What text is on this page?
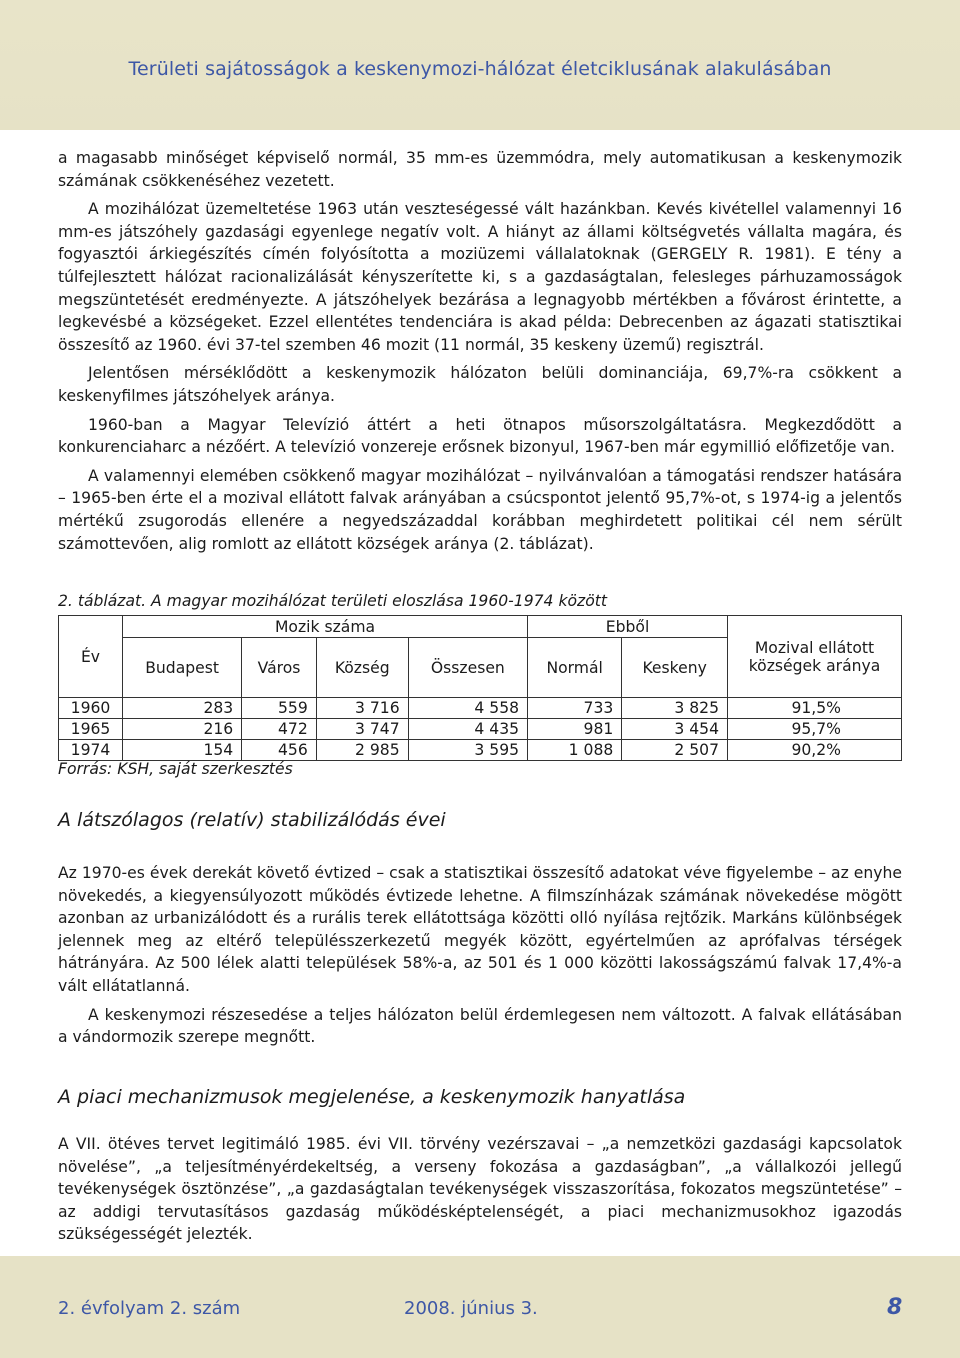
Területi sajátosságok a keskenymozi-hálózat életciklusának alakulásában

a magasabb minőséget képviselő normál, 35 mm-es üzemmódra, mely automatikusan a keskenymozik számának csökkenéséhez vezetett.

A mozihálózat üzemeltetése 1963 után veszteségessé vált hazánkban. Kevés kivétellel valamennyi 16 mm-es játszóhely gazdasági egyenlege negatív volt. A hiányt az állami költségvetés vállalta magára, és fogyasztói árkiegészítés címén folyósította a moziüzemi vállalatoknak (GERGELY R. 1981). E tény a túlfejlesztett hálózat racionalizálását kényszerítette ki, s a gazdaságtalan, felesleges párhuzamosságok megszüntetését eredményezte. A játszóhelyek bezárása a legnagyobb mértékben a fővárost érintette, a legkevésbé a községeket. Ezzel ellentétes tendenciára is akad példa: Debrecenben az ágazati statisztikai összesítő az 1960. évi 37-tel szemben 46 mozit (11 normál, 35 keskeny üzemű) regisztrál.

Jelentősen mérséklődött a keskenymozik hálózaton belüli dominanciája, 69,7%-ra csökkent a keskenyfilmes játszóhelyek aránya.

1960-ban a Magyar Televízió áttért a heti ötnapos műsorszolgáltatásra. Megkezdődött a konkurenciaharc a nézőért. A televízió vonzereje erősnek bizonyul, 1967-ben már egymillió előfizetője van.

A valamennyi elemében csökkenő magyar mozihálózat – nyilvánvalóan a támogatási rendszer hatására – 1965-ben érte el a mozival ellátott falvak arányában a csúcspontot jelentő 95,7%-ot, s 1974-ig a jelentős mértékű zsugorodás ellenére a negyedszázaddal korábban meghirdetett politikai cél nem sérült számottevően, alig romlott az ellátott községek aránya (2. táblázat).

2. táblázat. A magyar mozihálózat területi eloszlása 1960-1974 között
Év	Mozik száma				Ebből		Mozival ellátott községek aránya
	Budapest	Város	Község	Összesen	Normál	Keskeny	
1960	283	559	3 716	4 558	733	3 825	91,5%
1965	216	472	3 747	4 435	981	3 454	95,7%
1974	154	456	2 985	3 595	1 088	2 507	90,2%
Forrás: KSH, saját szerkesztés
A látszólagos (relatív) stabilizálódás évei

Az 1970-es évek derekát követő évtized – csak a statisztikai összesítő adatokat véve figyelembe – az enyhe növekedés, a kiegyensúlyozott működés évtizede lehetne. A filmszínházak számának növekedése mögött azonban az urbanizálódott és a rurális terek ellátottsága közötti olló nyílása rejtőzik. Markáns különbségek jelennek meg az eltérő településszerkezetű megyék között, egyértelműen az aprófalvas térségek hátrányára. Az 500 lélek alatti települések 58%-a, az 501 és 1 000 közötti lakosságszámú falvak 17,4%-a vált ellátatlanná.

A keskenymozi részesedése a teljes hálózaton belül érdemlegesen nem változott. A falvak ellátásában a vándormozik szerepe megnőtt.

A piaci mechanizmusok megjelenése, a keskenymozik hanyatlása

A VII. ötéves tervet legitimáló 1985. évi VII. törvény vezérszavai – „a nemzetközi gazdasági kapcsolatok növelése”, „a teljesítményérdekeltség, a verseny fokozása a gazdaságban”, „a vállalkozói jellegű tevékenységek ösztönzése”, „a gazdaságtalan tevékenységek visszaszorítása, fokozatos megszüntetése” – az addigi tervutasításos gazdaság működésképtelenségét, a piaci mechanizmusokhoz igazodás szükségességét jelezték.

2. évfolyam 2. szám	2008. június 3.	8
